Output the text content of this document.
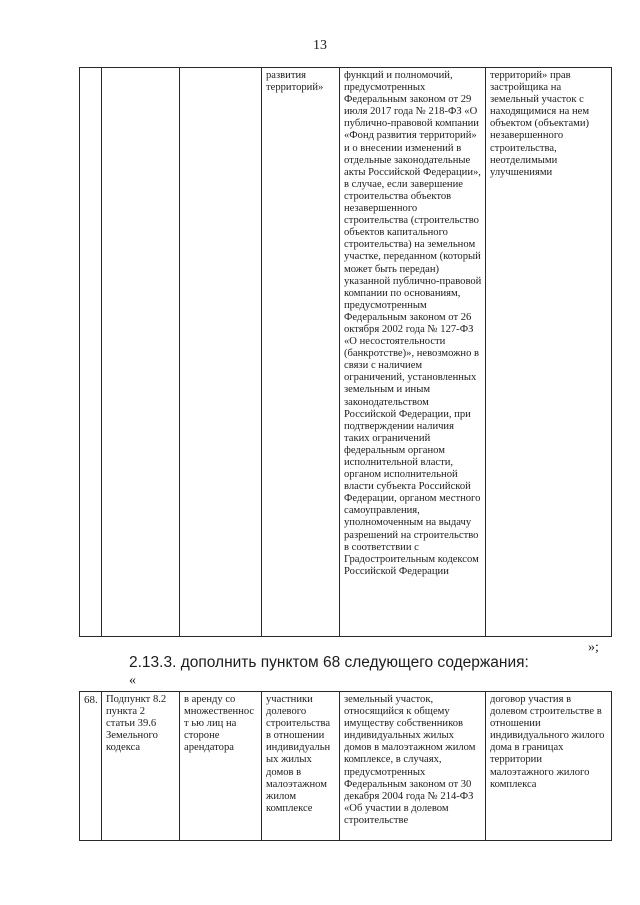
13
			развития территорий»	функций и полномочий, предусмотренных Федеральным законом от 29 июля 2017 года № 218-ФЗ «О публично-правовой компании «Фонд развития территорий» и о внесении изменений в отдельные законодательные акты Российской Федерации», в случае, если завершение строительства объектов незавершенного строительства (строительство объектов капитального строительства) на земельном участке, переданном (который может быть передан) указанной публично-правовой компании по основаниям, предусмотренным Федеральным законом от 26 октября 2002 года № 127-ФЗ «О несостоятельности (банкротстве)», невозможно в связи с наличием ограничений, установленных земельным и иным законодательством Российской Федерации, при подтверждении наличия таких ограничений федеральным органом исполнительной власти, органом исполнительной власти субъекта Российской Федерации, органом местного самоуправления, уполномоченным на выдачу разрешений на строительство в соответствии с Градостроительным кодексом Российской Федерации	территорий» прав застройщика на земельный участок с находящимися на нем объектом (объектами) незавершенного строительства, неотделимыми улучшениями
»;
2.13.3. дополнить пунктом 68 следующего содержания:
«
68.	Подпункт 8.2 пункта 2 статьи 39.6 Земельного кодекса	в аренду со множественност ью лиц на стороне арендатора	участники долевого строительства в отношении индивидуальн ых жилых домов в малоэтажном жилом комплексе	земельный участок, относящийся к общему имуществу собственников индивидуальных жилых домов в малоэтажном жилом комплексе, в случаях, предусмотренных Федеральным законом от 30 декабря 2004 года № 214-ФЗ «Об участии в долевом строительстве	договор участия в долевом строительстве в отношении индивидуального жилого дома в границах территории малоэтажного жилого комплекса
